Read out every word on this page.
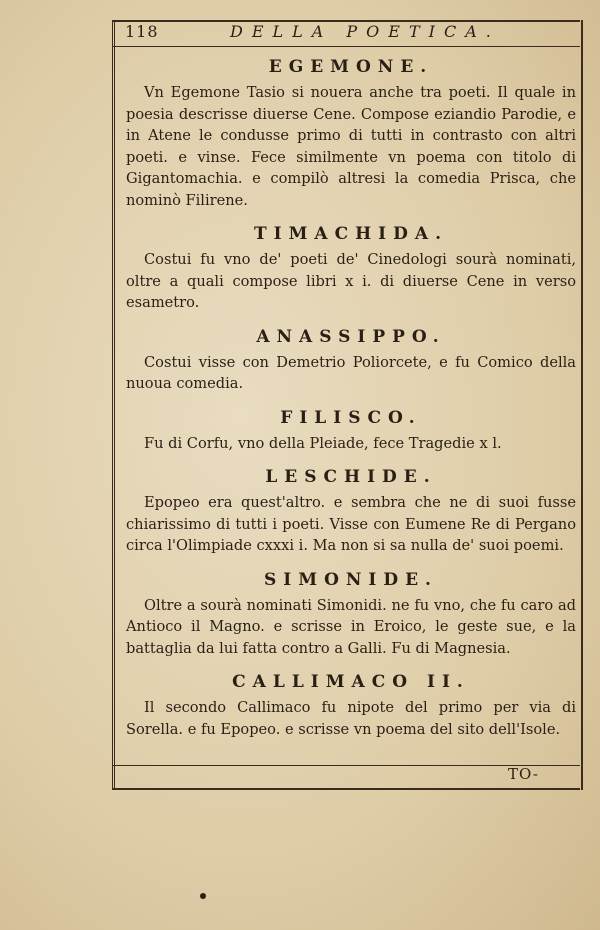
118	DELLA POETICA.
EGEMONE.

Vn Egemone Tasio si nouera anche tra poeti. Il quale in poesia descrisse diuerse Cene. Compose eziandio Parodie, e in Atene le condusse primo di tutti in contrasto con altri poeti. e vinse. Fece similmente vn poema con titolo di Gigantomachia. e compilò altresi la comedia Prisca, che nominò Filirene.

TIMACHIDA.

Costui fu vno de' poeti de' Cinedologi sourà nominati, oltre a quali compose libri x i. di diuerse Cene in verso esametro.

ANASSIPPO.

Costui visse con Demetrio Poliorcete, e fu Comico della nuoua comedia.

FILISCO.

Fu di Corfu, vno della Pleiade, fece Tragedie x l.

LESCHIDE.

Epopeo era quest'altro. e sembra che ne di suoi fusse chiarissimo di tutti i poeti. Visse con Eumene Re di Pergano circa l'Olimpiade cxxxi i. Ma non si sa nulla de' suoi poemi.

SIMONIDE.

Oltre a sourà nominati Simonidi. ne fu vno, che fu caro ad Antioco il Magno. e scrisse in Eroico, le geste sue, e la battaglia da lui fatta contro a Galli. Fu di Magnesia.

CALLIMACO II.

Il secondo Callimaco fu nipote del primo per via di Sorella. e fu Epopeo. e scrisse vn poema del sito dell'Isole.

TO-
